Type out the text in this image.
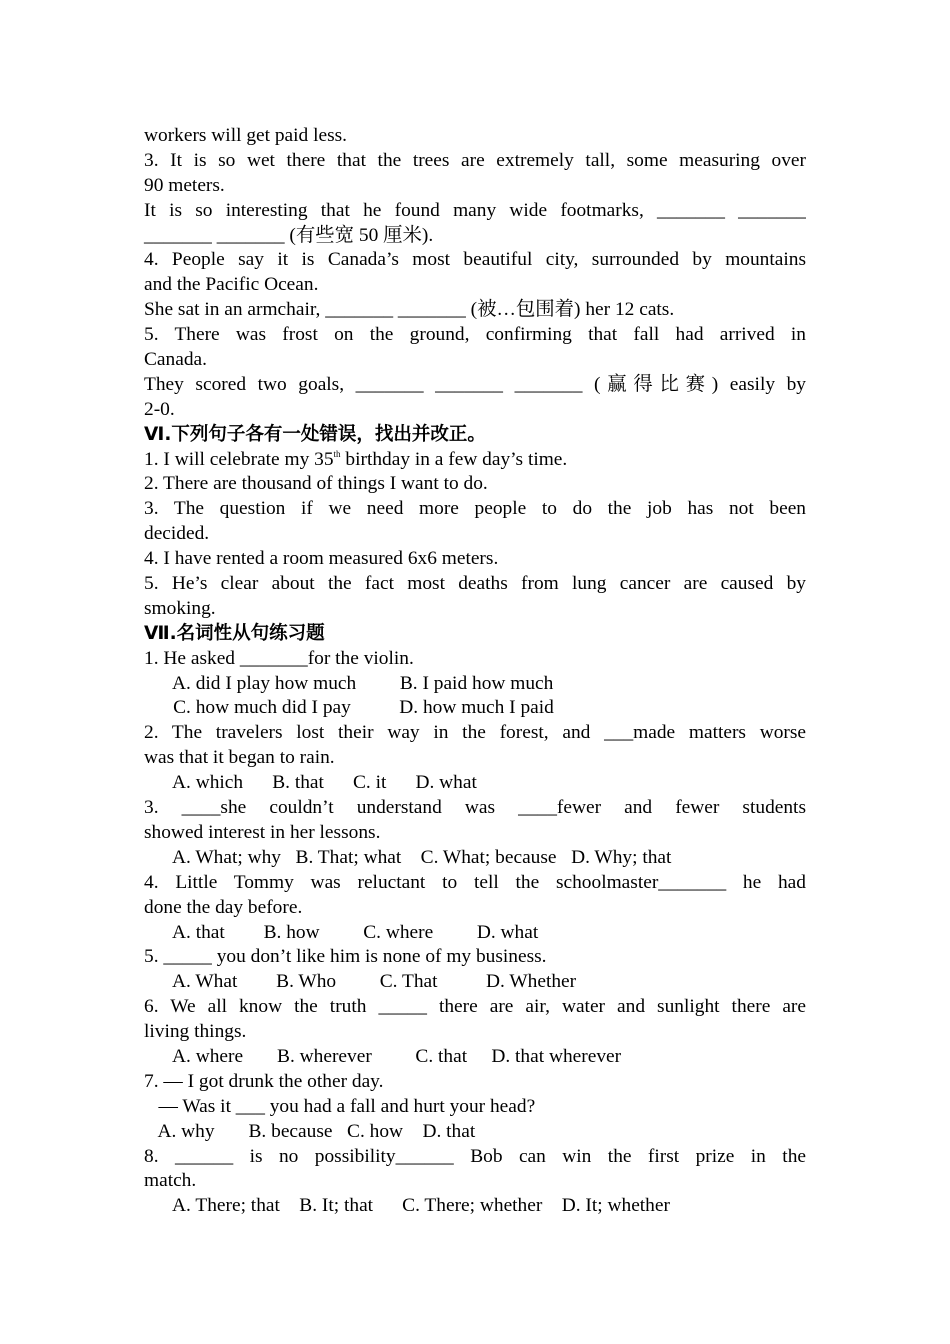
workers will get paid less.
3. It is so wet there that the trees are extremely tall, some measuring over
90 meters.
It is so interesting that he found many wide footmarks, _______ _______
_______ _______ (有些宽 50 厘米).
4. People say it is Canada’s most beautiful city, surrounded by mountains
and the Pacific Ocean.
She sat in an armchair, _______ _______ (被…包围着) her 12 cats.
5. There was frost on the ground, confirming that fall had arrived in
Canada.
They scored two goals, _______ _______ _______ (赢得比赛) easily by
2-0.
Ⅵ.下列句子各有一处错误，找出并改正。
1. I will celebrate my 35th birthday in a few day’s time.
2. There are thousand of things I want to do.
3. The question if we need more people to do the job has not been
decided.
4. I have rented a room measured 6x6 meters.
5. He’s clear about the fact most deaths from lung cancer are caused by
smoking.
Ⅶ.名词性从句练习题
1. He asked _______for the violin.
A. did I play how much         B. I paid how much
C. how much did I pay          D. how much I paid
2. The travelers lost their way in the forest, and ___made matters worse
was that it began to rain.
A. which      B. that      C. it      D. what
3. ____she couldn’t understand was ____fewer and fewer students
showed interest in her lessons.
A. What; why   B. That; what    C. What; because   D. Why; that
4. Little Tommy was reluctant to tell the schoolmaster_______ he had
done the day before.
A. that        B. how         C. where         D. what
5. _____ you don’t like him is none of my business.
A. What        B. Who         C. That          D. Whether
6. We all know the truth _____ there are air, water and sunlight there are
living things.
A. where       B. wherever         C. that     D. that wherever
7. — I got drunk the other day.
— Was it ___ you had a fall and hurt your head?
A. why       B. because   C. how    D. that
8. ______ is no possibility______ Bob can win the first prize in the
match.
A. There; that    B. It; that      C. There; whether    D. It; whether
